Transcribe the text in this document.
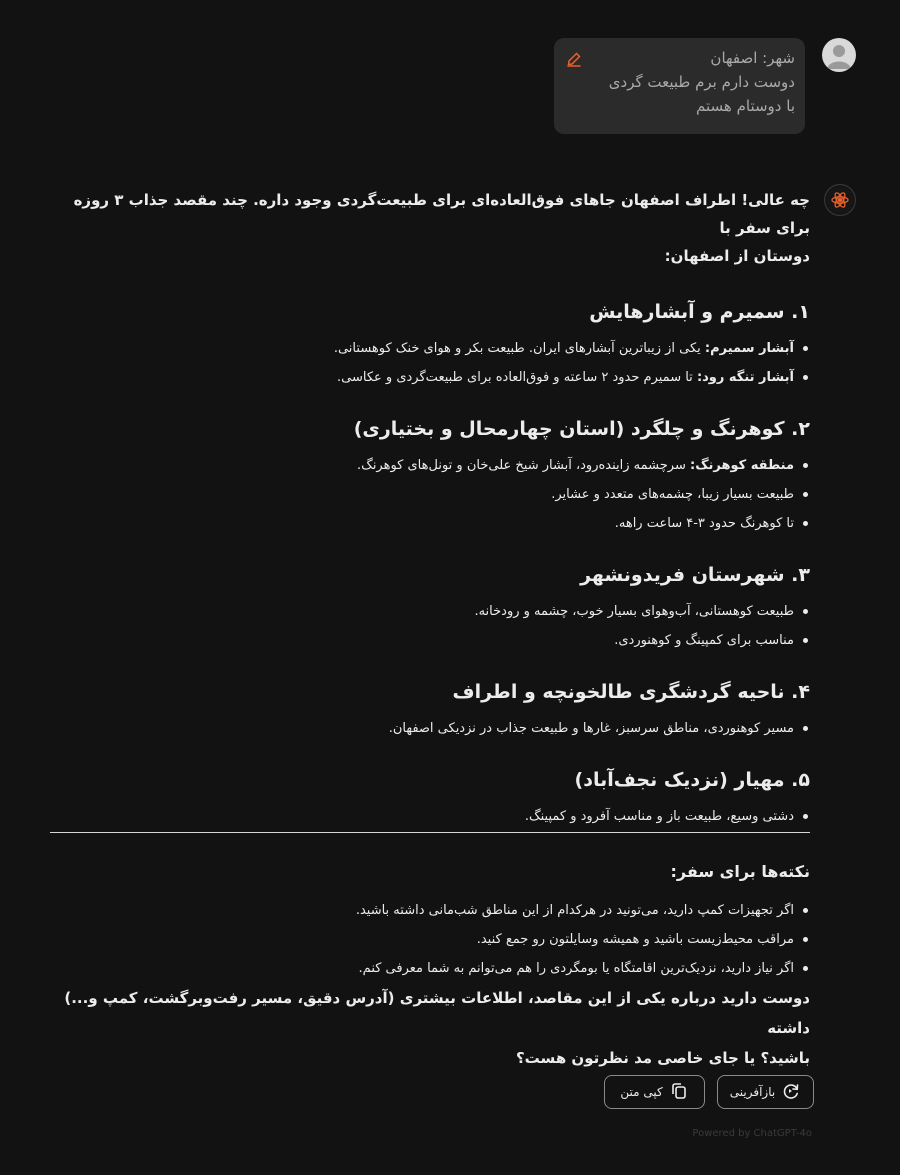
شهر: اصفهان
دوست دارم برم طبیعت گردی
با دوستام هستم

چه عالی! اطراف اصفهان جاهای فوق‌العاده‌ای برای طبیعت‌گردی وجود داره. چند مقصد جذاب ۳ روزه برای سفر با
دوستان از اصفهان:

۱. سمیرم و آبشارهایش
آبشار سمیرم: یکی از زیباترین آبشارهای ایران. طبیعت بکر و هوای خنک کوهستانی.
آبشار تنگه رود: تا سمیرم حدود ۲ ساعته و فوق‌العاده برای طبیعت‌گردی و عکاسی.
۲. کوهرنگ و چلگرد (استان چهارمحال و بختیاری)
منطقه کوهرنگ: سرچشمه زاینده‌رود، آبشار شیخ علی‌خان و تونل‌های کوهرنگ.
طبیعت بسیار زیبا، چشمه‌های متعدد و عشایر.
تا کوهرنگ حدود ۳-۴ ساعت راهه.
۳. شهرستان فریدونشهر
طبیعت کوهستانی، آب‌وهوای بسیار خوب، چشمه و رودخانه.
مناسب برای کمپینگ و کوهنوردی.
۴. ناحیه گردشگری طالخونچه و اطراف
مسیر کوهنوردی، مناطق سرسبز، غارها و طبیعت جذاب در نزدیکی اصفهان.
۵. مهیار (نزدیک نجف‌آباد)
دشتی وسیع، طبیعت باز و مناسب آفرود و کمپینگ.
نکته‌ها برای سفر:
اگر تجهیزات کمپ دارید، می‌تونید در هرکدام از این مناطق شب‌مانی داشته باشید.
مراقب محیط‌زیست باشید و همیشه وسایلتون رو جمع کنید.
اگر نیاز دارید، نزدیک‌ترین اقامتگاه یا بومگردی را هم می‌توانم به شما معرفی کنم.

دوست دارید درباره یکی از این مقاصد، اطلاعات بیشتری (آدرس دقیق، مسیر رفت‌وبرگشت، کمپ و...) داشته
باشید؟ یا جای خاصی مد نظرتون هست؟

بازآفرینی
کپی متن
Powered by ChatGPT-4o
